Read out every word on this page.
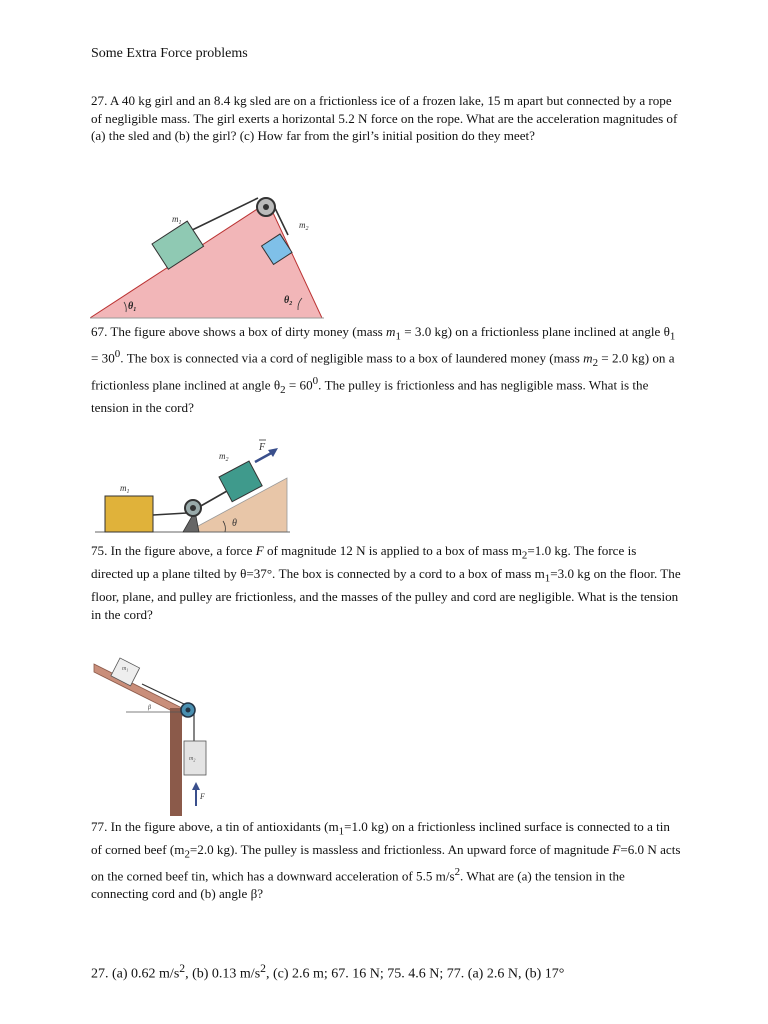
Some Extra Force problems
27. A 40 kg girl and an 8.4 kg sled are on a frictionless ice of a frozen lake, 15 m apart but connected by a rope of negligible mass. The girl exerts a horizontal 5.2 N force on the rope. What are the acceleration magnitudes of (a) the sled and (b) the girl? (c) How far from the girl’s initial position do they meet?
$m_1$	$m_2$
$\theta_1$
$\theta_2$
67. The figure above shows a box of dirty money (mass $m_1 = 3.0$ kg) on a frictionless plane inclined at angle $\theta_1 = 30^0$. The box is connected via a cord of negligible mass to a box of laundered money (mass $m_2 = 2.0$ kg) on a frictionless plane inclined at angle $\theta_2 = 60^0$. The pulley is frictionless and has negligible mass. What is the tension in the cord?
$m_1$
$m_2$
F
θ
75. In the figure above, a force F of magnitude 12 N is applied to a box of mass $m_2=1.0$ kg. The force is directed up a plane tilted by θ=37°. The box is connected by a cord to a box of mass $m_1=3.0$ kg on the floor. The floor, plane, and pulley are frictionless, and the masses of the pulley and cord are negligible. What is the tension in the cord?
$m_1$
$m_2$
β
F
77. In the figure above, a tin of antioxidants ($m_1=1.0$ kg) on a frictionless inclined surface is connected to a tin of corned beef ($m_2=2.0$ kg). The pulley is massless and frictionless. An upward force of magnitude F=6.0 N acts on the corned beef tin, which has a downward acceleration of 5.5 $m/s^2$. What are (a) the tension in the connecting cord and (b) angle β?
27. (a) 0.62 $m/s^2$, (b) 0.13 $m/s^2$, (c) 2.6 m; 67. 16 N; 75. 4.6 N; 77. (a) 2.6 N, (b) 17°
